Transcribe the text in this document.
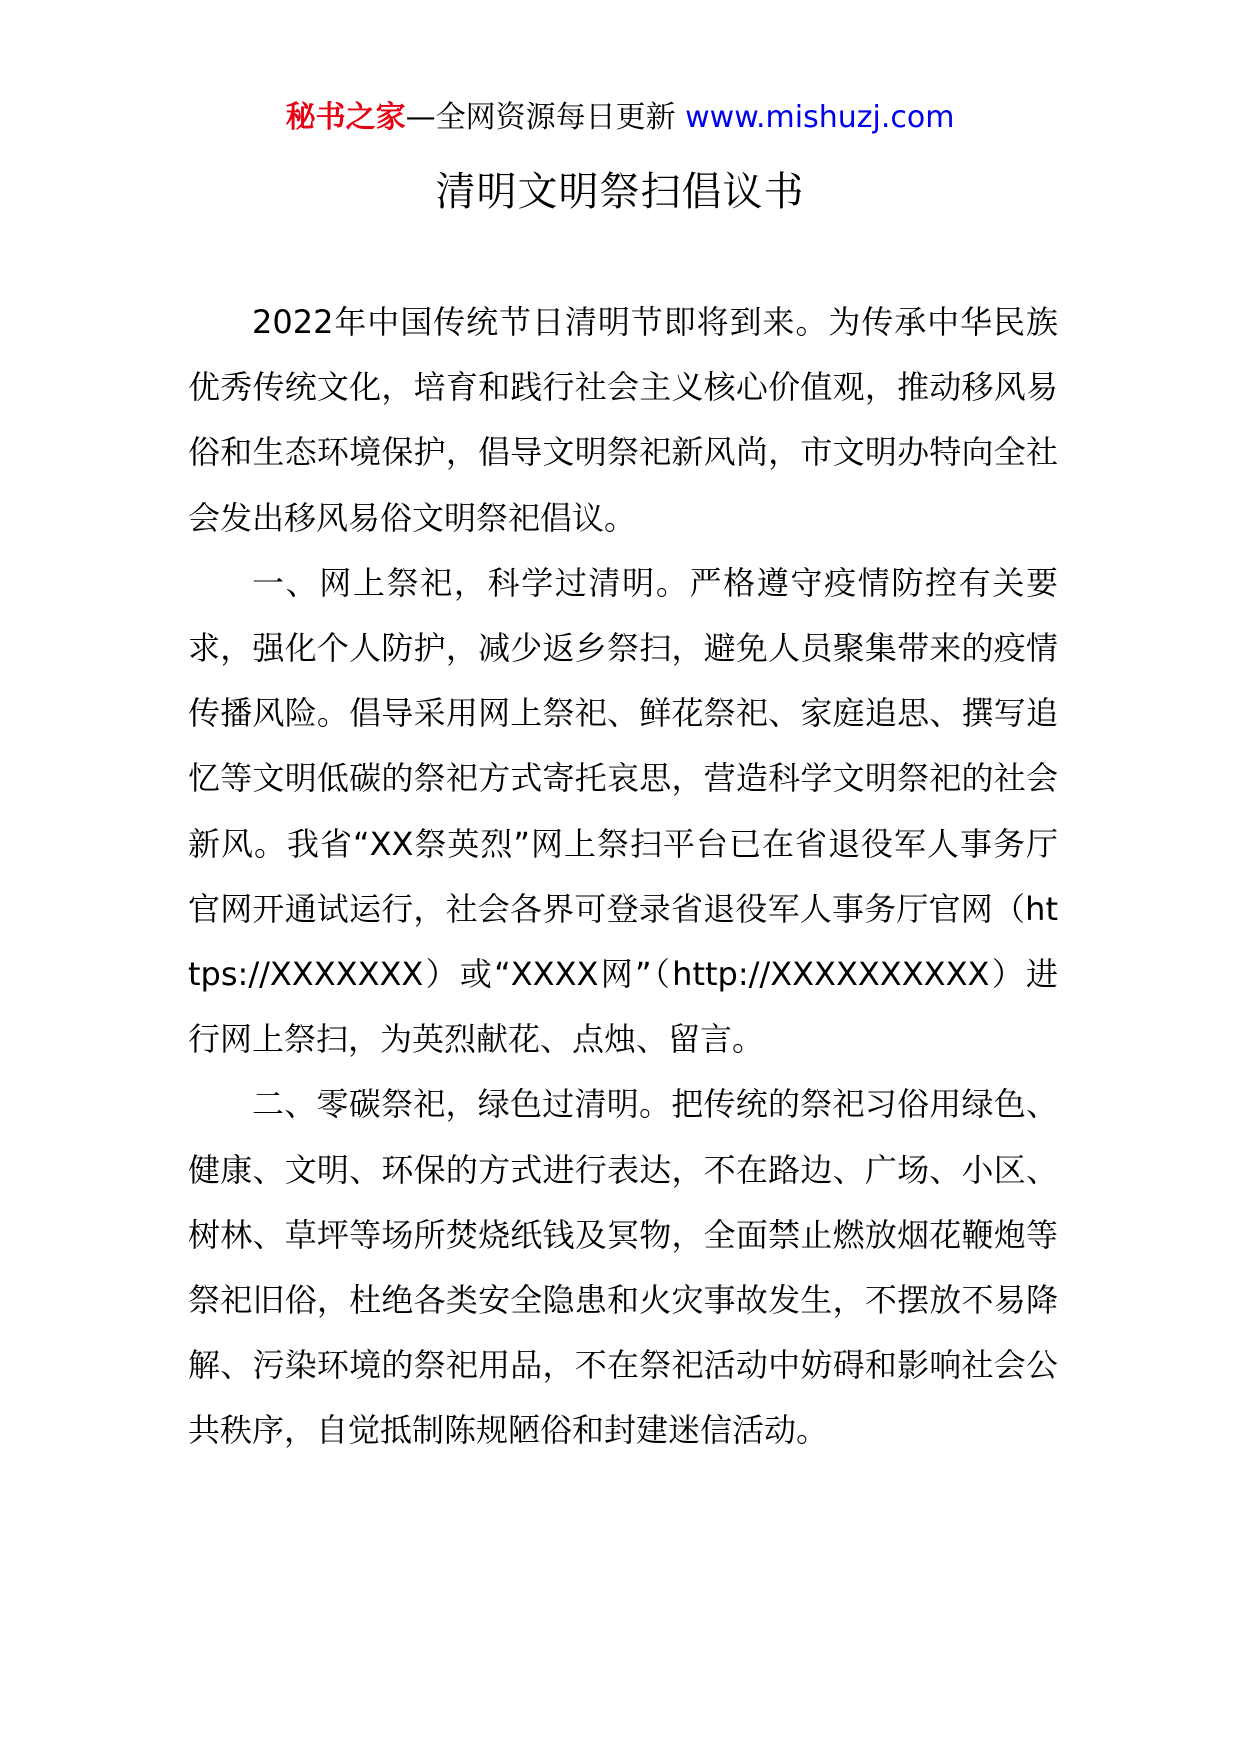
秘书之家—全网资源每日更新 www.mishuzj.com
清明文明祭扫倡议书

2022年中国传统节日清明节即将到来。为传承中华民族优秀传统文化，培育和践行社会主义核心价值观，推动移风易俗和生态环境保护，倡导文明祭祀新风尚，市文明办特向全社会发出移风易俗文明祭祀倡议。

一、网上祭祀，科学过清明。严格遵守疫情防控有关要求，强化个人防护，减少返乡祭扫，避免人员聚集带来的疫情传播风险。倡导采用网上祭祀、鲜花祭祀、家庭追思、撰写追忆等文明低碳的祭祀方式寄托哀思，营造科学文明祭祀的社会新风。我省“XX祭英烈”网上祭扫平台已在省退役军人事务厅官网开通试运行，社会各界可登录省退役军人事务厅官网（https://XXXXXXX）或“XXXX网”（http://XXXXXXXXXX）进行网上祭扫，为英烈献花、点烛、留言。

二、零碳祭祀，绿色过清明。把传统的祭祀习俗用绿色、健康、文明、环保的方式进行表达，不在路边、广场、小区、树林、草坪等场所焚烧纸钱及冥物，全面禁止燃放烟花鞭炮等祭祀旧俗，杜绝各类安全隐患和火灾事故发生，不摆放不易降解、污染环境的祭祀用品，不在祭祀活动中妨碍和影响社会公共秩序，自觉抵制陈规陋俗和封建迷信活动。
